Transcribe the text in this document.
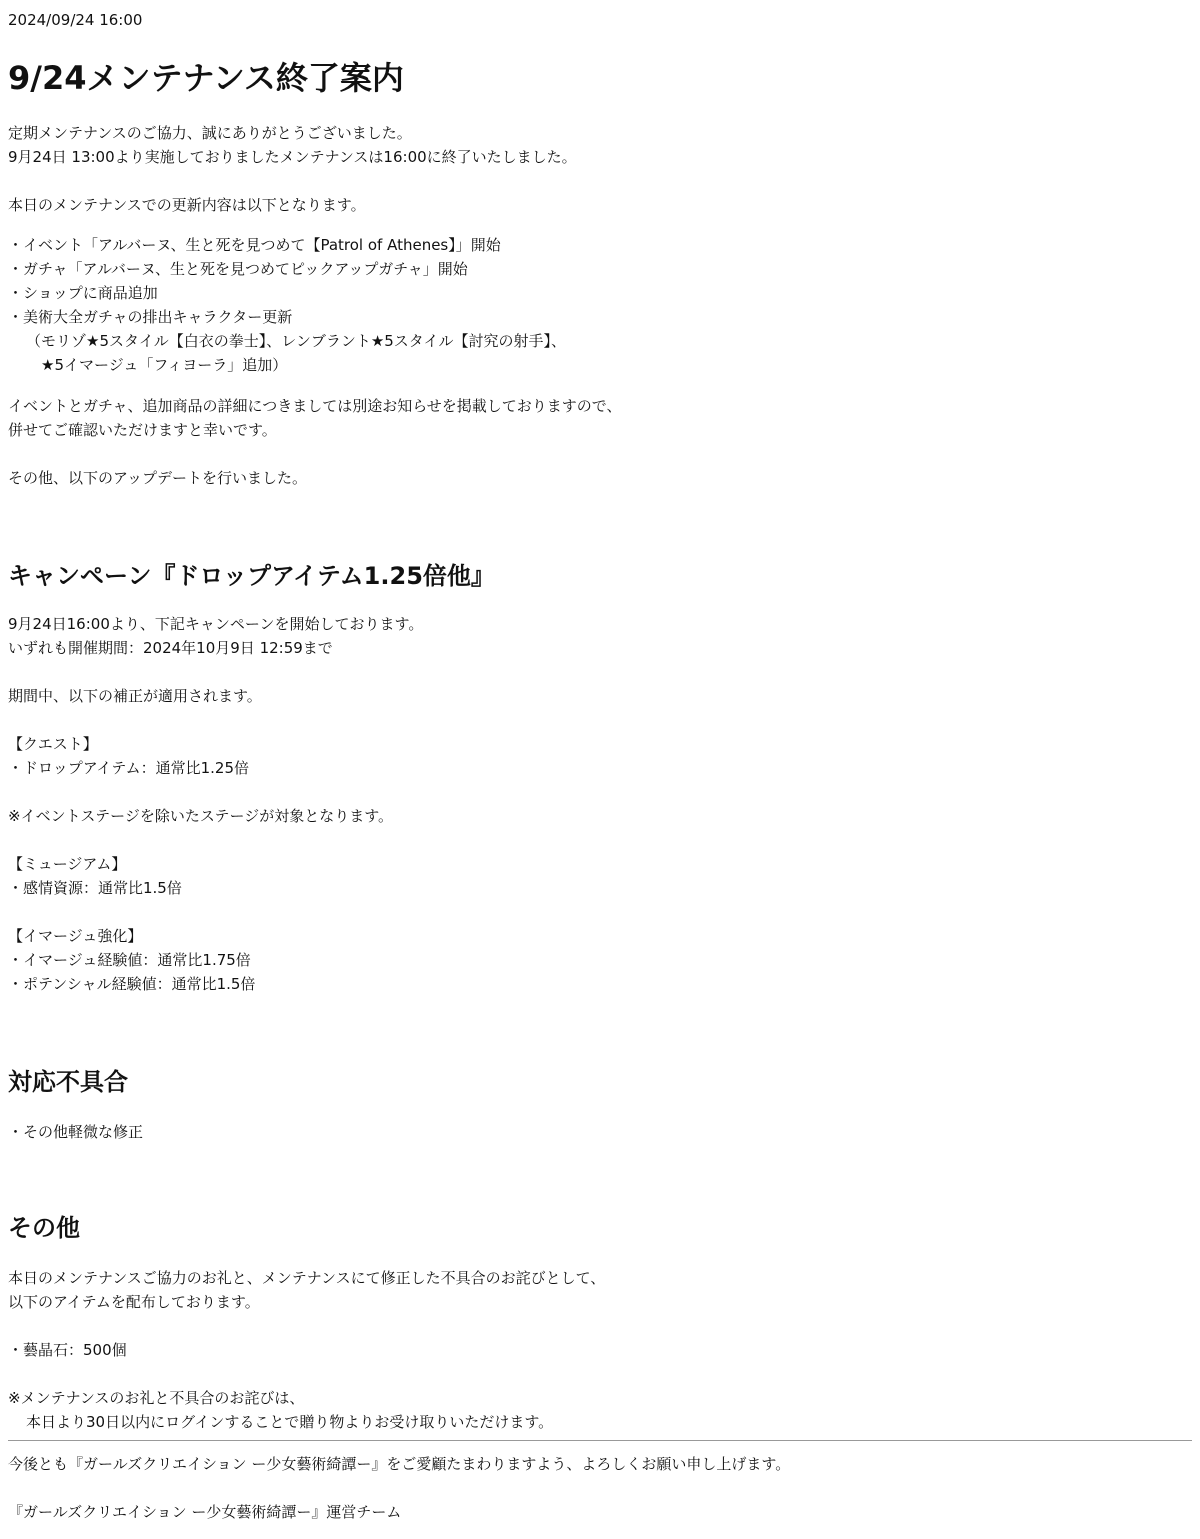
2024/09/24 16:00
9/24メンテナンス終了案内
定期メンテナンスのご協力、誠にありがとうございました。
9月24日 13:00より実施しておりましたメンテナンスは16:00に終了いたしました。
本日のメンテナンスでの更新内容は以下となります。
・イベント「アルバーヌ、生と死を見つめて【Patrol of Athenes】」開始
・ガチャ「アルバーヌ、生と死を見つめてピックアップガチャ」開始
・ショップに商品追加
・美術大全ガチャの排出キャラクター更新
（モリゾ★5スタイル【白衣の拳士】、レンブラント★5スタイル【討究の射手】、
★5イマージュ「フィヨーラ」追加）
イベントとガチャ、追加商品の詳細につきましては別途お知らせを掲載しておりますので、
併せてご確認いただけますと幸いです。
その他、以下のアップデートを行いました。
キャンペーン『ドロップアイテム1.25倍他』
9月24日16:00より、下記キャンペーンを開始しております。
いずれも開催期間：2024年10月9日 12:59まで
期間中、以下の補正が適用されます。
【クエスト】
・ドロップアイテム：通常比1.25倍
※イベントステージを除いたステージが対象となります。
【ミュージアム】
・感情資源：通常比1.5倍
【イマージュ強化】
・イマージュ経験値：通常比1.75倍
・ポテンシャル経験値：通常比1.5倍
対応不具合
・その他軽微な修正
その他
本日のメンテナンスご協力のお礼と、メンテナンスにて修正した不具合のお詫びとして、
以下のアイテムを配布しております。
・藝晶石：500個
※メンテナンスのお礼と不具合のお詫びは、
本日より30日以内にログインすることで贈り物よりお受け取りいただけます。
今後とも『ガールズクリエイション ー少女藝術綺譚ー』をご愛顧たまわりますよう、よろしくお願い申し上げます。
『ガールズクリエイション ー少女藝術綺譚ー』運営チーム
